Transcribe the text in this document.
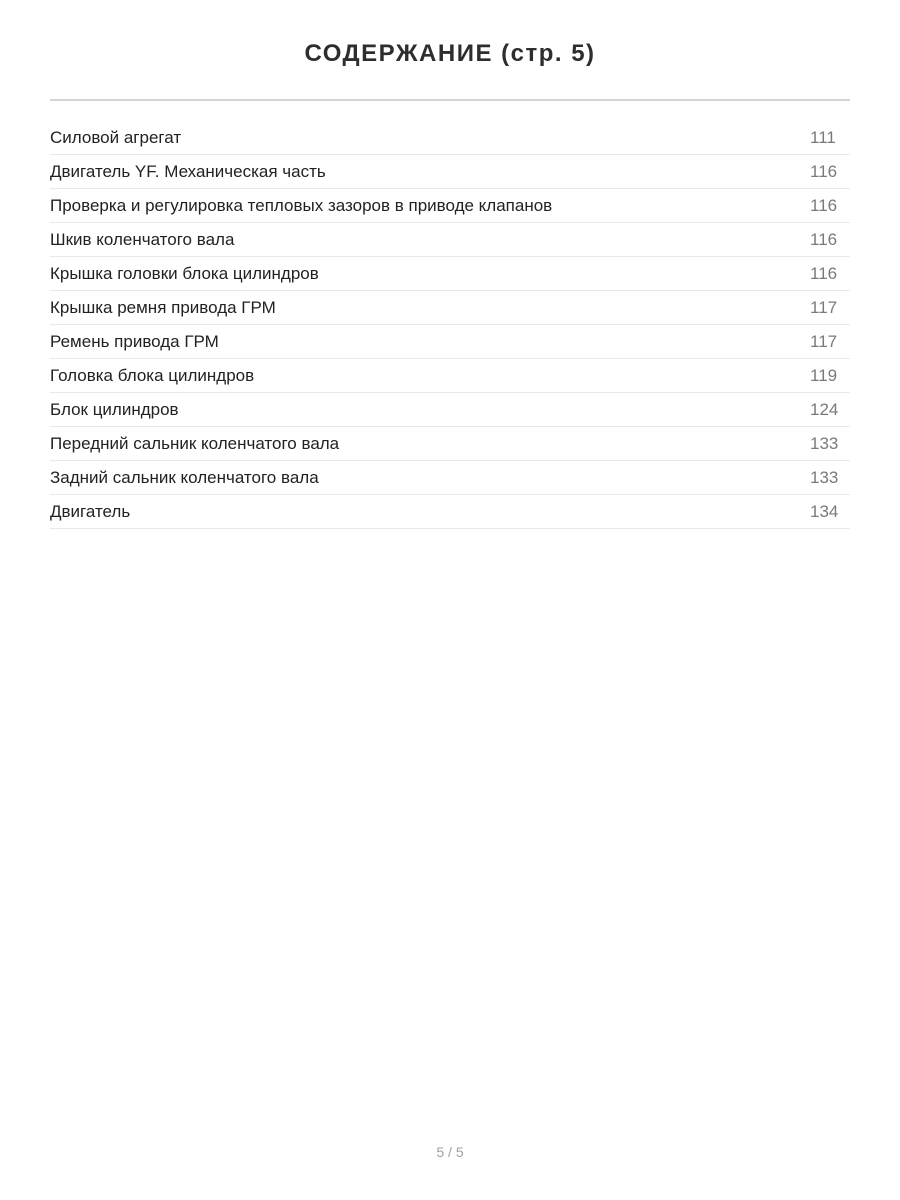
СОДЕРЖАНИЕ (стр. 5)
Силовой агрегат	111
Двигатель YF. Механическая часть	116
Проверка и регулировка тепловых зазоров в приводе клапанов	116
Шкив коленчатого вала	116
Крышка головки блока цилиндров	116
Крышка ремня привода ГРМ	117
Ремень привода ГРМ	117
Головка блока цилиндров	119
Блок цилиндров	124
Передний сальник коленчатого вала	133
Задний сальник коленчатого вала	133
Двигатель	134
5 / 5
